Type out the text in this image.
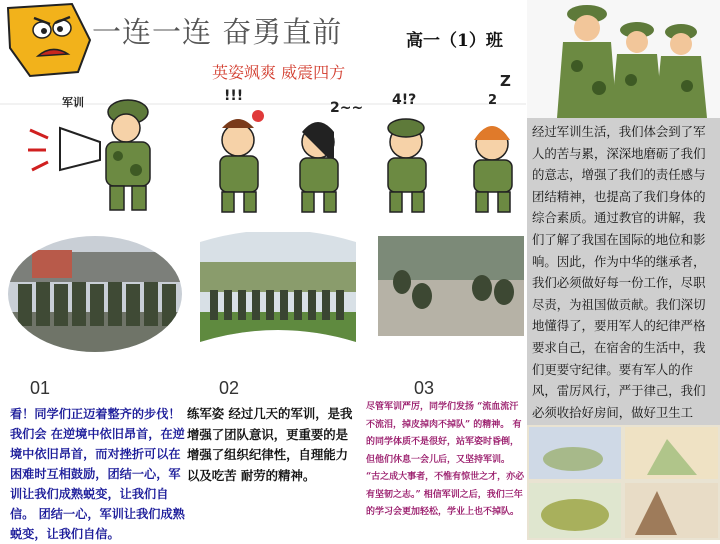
军训	!!!
2~~ 4!?
Z
2
一连一连 奋勇直前
英姿飒爽 威震四方
高一（1）班
经过军训生活，我们体会到了军人的苦与累，深深地磨砺了我们的意志，增强了我们的责任感与团结精神，也提高了我们身体的综合素质。通过教官的讲解，我们了解了我国在国际的地位和影响。因此，作为中华的继承者，我们必须做好每一份工作，尽职尽责，为祖国做贡献。我们深切地懂得了，要用军人的纪律严格要求自己，在宿舍的生活中，我们更要守纪律。要有军人的作风，雷厉风行，严于律己，我们必须收拾好房间，做好卫生工
01
看！同学们正迈着整齐的步伐！我们会 在逆境中依旧昂首，在逆境中依旧昂首，而对挫折可以在困难时互相鼓励，团结一心，军训让我们成熟蜕变，让我们自信。 团结一心，军训让我们成熟蜕变，让我们自信。
02
练军姿 经过几天的军训，是我增强了团队意识，更重要的是增强了组织纪律性，自理能力以及吃苦 耐劳的精神。
03
尽管军训严厉，同学们发扬 “流血流汗不流泪，掉皮掉肉不掉队” 的精神。 有的同学体质不是很好，站军姿时昏倒，但他们休息一会儿后，又坚持军训。 “古之成大事者，不惟有惊世之才，亦必有坚韧之志。” 相信军训之后，我们三年的学习会更加轻松，学业上也不掉队。
